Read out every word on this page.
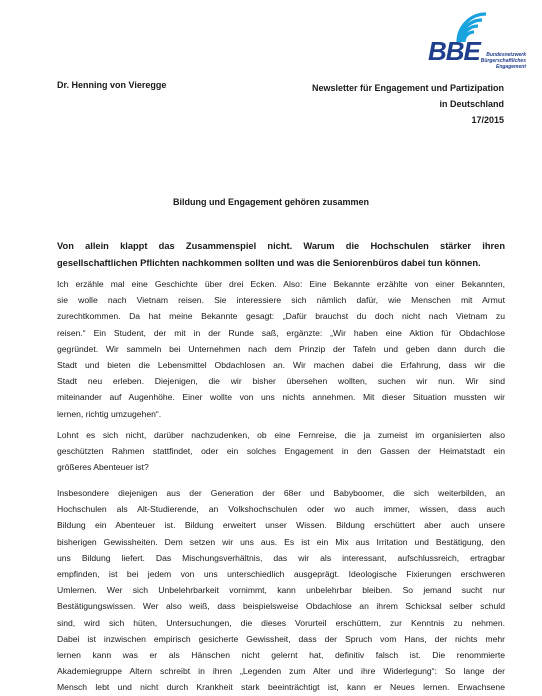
BBE	Bundesnetzwerk
Bürgerschaftliches
Engagement
Dr. Henning von Vieregge	Newsletter für Engagement und Partizipation
in Deutschland
17/2015
Bildung und Engagement gehören zusammen
Von allein klappt das Zusammenspiel nicht. Warum die Hochschulen stärker ihren
gesellschaftlichen Pflichten nachkommen sollten und was die Seniorenbüros dabei tun können.
Ich erzähle mal eine Geschichte über drei Ecken. Also: Eine Bekannte erzählte von einer Bekannten,
sie wolle nach Vietnam reisen. Sie interessiere sich nämlich dafür, wie Menschen mit Armut
zurechtkommen. Da hat meine Bekannte gesagt: „Dafür brauchst du doch nicht nach Vietnam zu
reisen.“ Ein Student, der mit in der Runde saß, ergänzte: „Wir haben eine Aktion für Obdachlose
gegründet. Wir sammeln bei Unternehmen nach dem Prinzip der Tafeln und geben dann durch die
Stadt und bieten die Lebensmittel Obdachlosen an. Wir machen dabei die Erfahrung, dass wir die
Stadt neu erleben. Diejenigen, die wir bisher übersehen wollten, suchen wir nun. Wir sind
miteinander auf Augenhöhe. Einer wollte von uns nichts annehmen. Mit dieser Situation mussten wir
lernen, richtig umzugehen“.
Lohnt es sich nicht, darüber nachzudenken, ob eine Fernreise, die ja zumeist im organisierten also
geschützten Rahmen stattfindet, oder ein solches Engagement in den Gassen der Heimatstadt ein
größeres Abenteuer ist?
Insbesondere diejenigen aus der Generation der 68er und Babyboomer, die sich weiterbilden, an
Hochschulen als Alt-Studierende, an Volkshochschulen oder wo auch immer, wissen, dass auch
Bildung ein Abenteuer ist. Bildung erweitert unser Wissen. Bildung erschüttert aber auch unsere
bisherigen Gewissheiten. Dem setzen wir uns aus. Es ist ein Mix aus Irritation und Bestätigung, den
uns Bildung liefert. Das Mischungsverhältnis, das wir als interessant, aufschlussreich, ertragbar
empfinden, ist bei jedem von uns unterschiedlich ausgeprägt. Ideologische Fixierungen erschweren
Umlernen. Wer sich Unbelehrbarkeit vornimmt, kann unbelehrbar bleiben. So jemand sucht nur
Bestätigungswissen. Wer also weiß, dass beispielsweise Obdachlose an ihrem Schicksal selber schuld
sind, wird sich hüten, Untersuchungen, die dieses Vorurteil erschüttern, zur Kenntnis zu nehmen.
Dabei ist inzwischen empirisch gesicherte Gewissheit, dass der Spruch vom Hans, der nichts mehr
lernen kann was er als Hänschen nicht gelernt hat, definitiv falsch ist. Die renommierte
Akademiegruppe Altern schreibt in ihren „Legenden zum Alter und ihre Widerlegung“: So lange der
Mensch lebt und nicht durch Krankheit stark beeinträchtigt ist, kann er Neues lernen. Erwachsene
